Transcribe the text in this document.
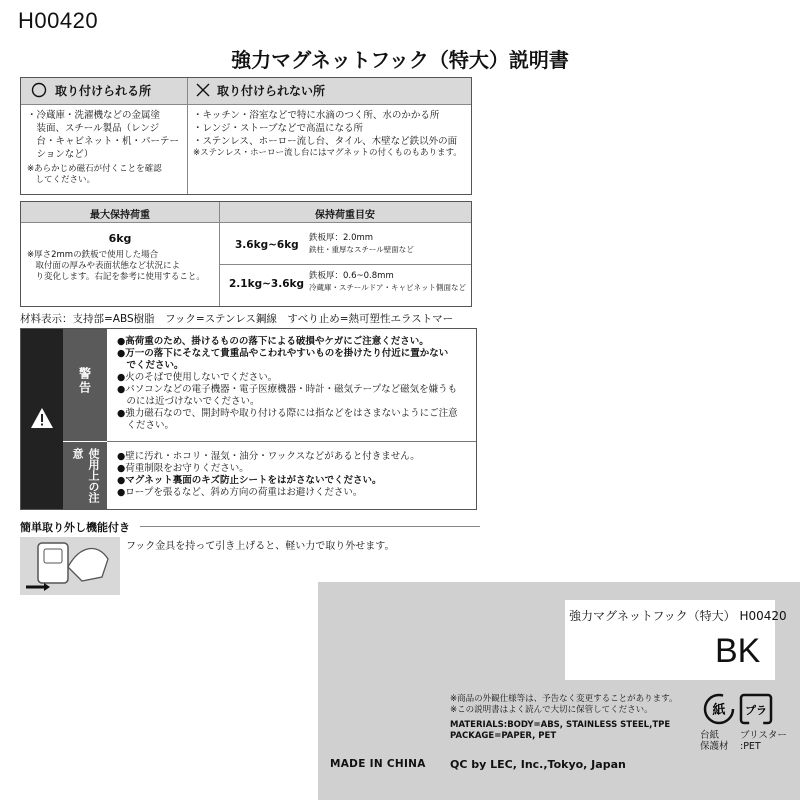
H00420
強力マグネットフック（特大）説明書
取り付けられる所	取り付けられない所
・冷蔵庫・洗濯機などの金属塗
　装面、スチール製品（レンジ
　台・キャビネット・机・パーテー
　ションなど）
※あらかじめ磁石が付くことを確認
　してください。
・キッチン・浴室などで特に水滴のつく所、水のかかる所
・レンジ・ストーブなどで高温になる所
・ステンレス、ホーロー流し台、タイル、木壁など鉄以外の面
※ステンレス・ホーロー流し台にはマグネットの付くものもあります。
最大保持荷重	保持荷重目安
6kg
※厚さ2mmの鉄板で使用した場合
　取付面の厚みや表面状態など状況によ
　り変化します。右記を参考に使用すること。
3.6kg~6kg
鉄板厚：2.0mm
鉄柱・重厚なスチール壁面など
2.1kg~3.6kg
鉄板厚：0.6~0.8mm
冷蔵庫・スチールドア・キャビネット側面など
材料表示：支持部=ABS樹脂　フック=ステンレス鋼線　すべり止め=熱可塑性エラストマー
警告
使用上の注意
●高荷重のため、掛けるものの落下による破損やケガにご注意ください。
●万一の落下にそなえて貴重品やこわれやすいものを掛けたり付近に置かない
　でください。
●火のそばで使用しないでください。
●パソコンなどの電子機器・電子医療機器・時計・磁気テープなど磁気を嫌うも
　のには近づけないでください。
●強力磁石なので、開封時や取り付ける際には指などをはさまないようにご注意
　ください。
●壁に汚れ・ホコリ・湿気・油分・ワックスなどがあると付きません。
●荷重制限をお守りください。
●マグネット裏面のキズ防止シートをはがさないでください。
●ロープを張るなど、斜め方向の荷重はお避けください。
簡単取り外し機能付き
フック金具を持って引き上げると、軽い力で取り外せます。
強力マグネットフック（特大） H00420
BK
※商品の外観仕様等は、予告なく変更することがあります。
※この説明書はよく読んで大切に保管してください。
MATERIALS:BODY=ABS, STAINLESS STEEL,TPE
PACKAGE=PAPER, PET
紙 プラ
台紙
保護材
ブリスター
:PET
MADE IN CHINA QC by LEC, Inc.,Tokyo, Japan
